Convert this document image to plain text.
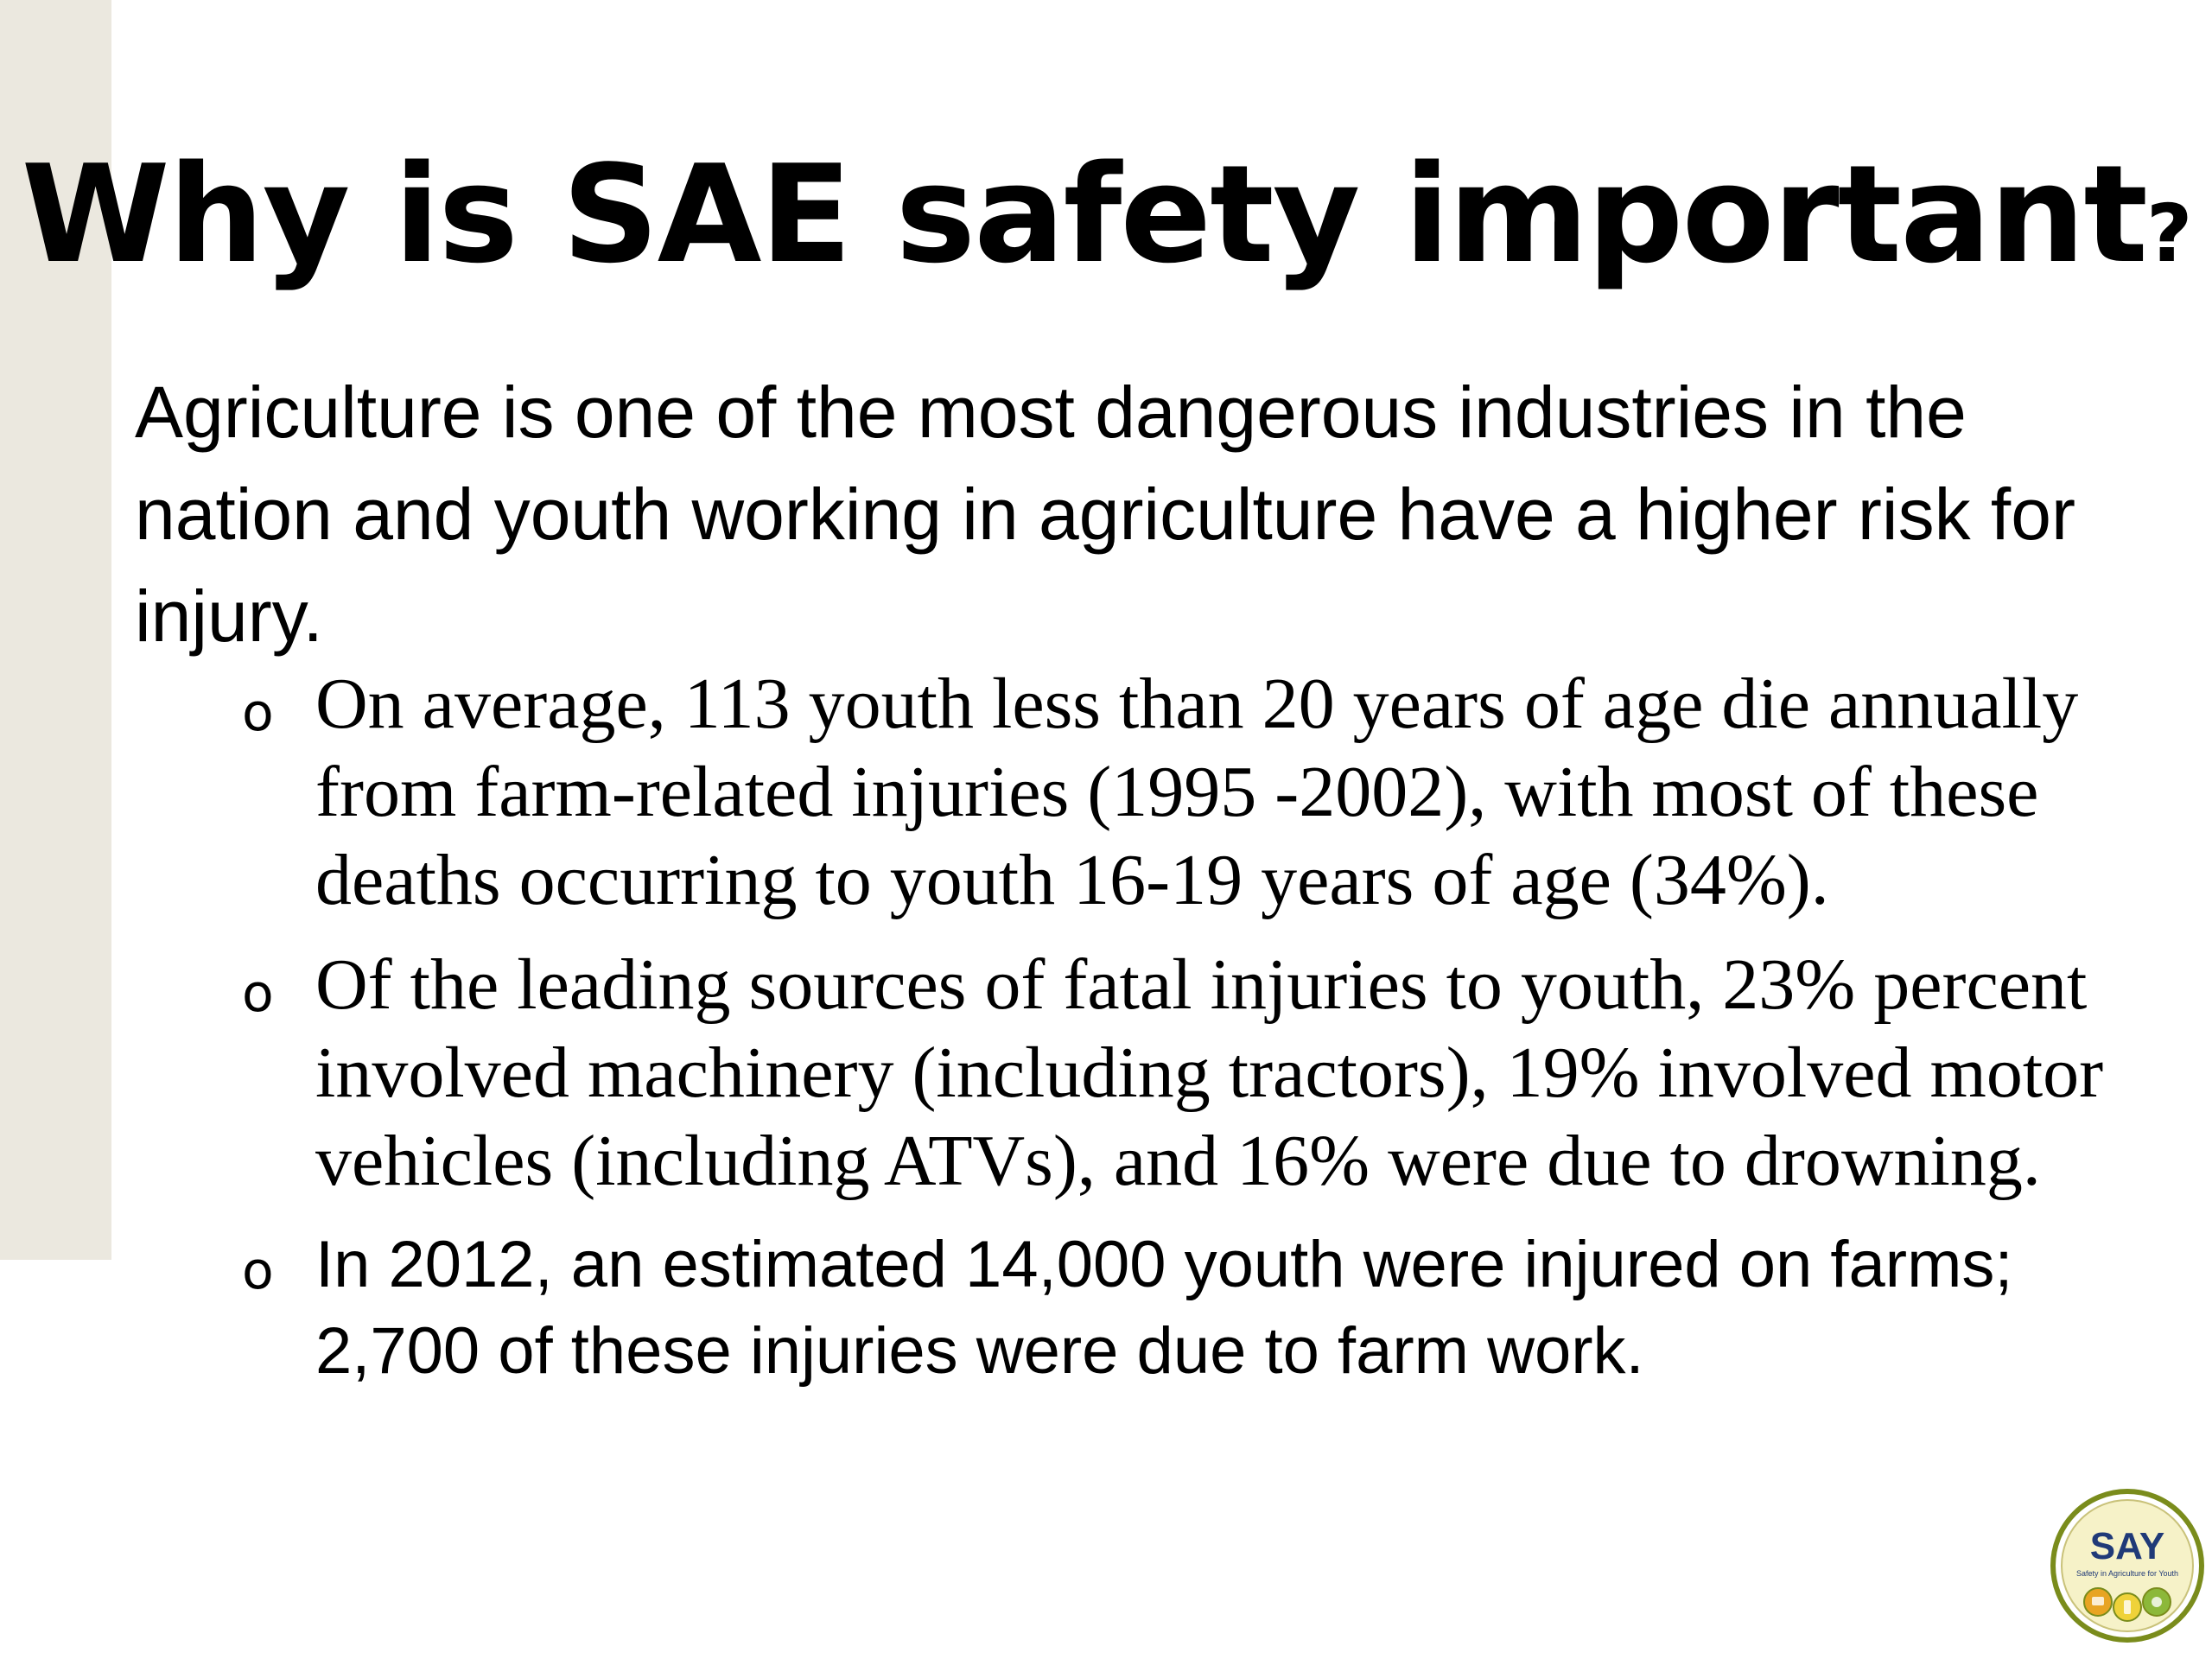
Why is SAE safety important?

Agriculture is one of the most dangerous industries in the nation and youth working in agriculture have a higher risk for injury.

o On average, 113 youth less than 20 years of age die annually from farm-related injuries (1995 -2002), with most of these deaths occurring to youth 16-19 years of age (34%).
o Of the leading sources of fatal injuries to youth, 23% percent involved machinery (including tractors), 19% involved motor vehicles (including ATVs), and 16% were due to drowning.
o In 2012, an estimated 14,000 youth were injured on farms; 2,700 of these injuries were due to farm work.
SAY
Safety in Agriculture for Youth
